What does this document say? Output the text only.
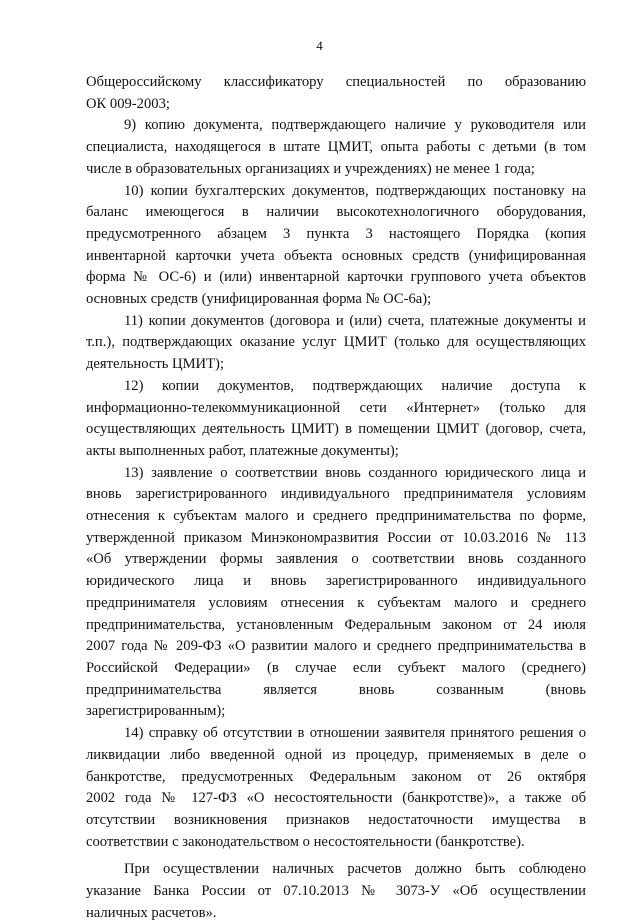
4

Общероссийскому классификатору специальностей по образованию
ОК 009-2003;

9) копию документа, подтверждающего наличие у руководителя или
специалиста, находящегося в штате ЦМИТ, опыта работы с детьми (в том
числе в образовательных организациях и учреждениях) не менее 1 года;

10) копии бухгалтерских документов, подтверждающих постановку на
баланс имеющегося в наличии высокотехнологичного оборудования,
предусмотренного абзацем 3 пункта 3 настоящего Порядка (копия
инвентарной карточки учета объекта основных средств (унифицированная
форма № ОС-6) и (или) инвентарной карточки группового учета объектов
основных средств (унифицированная форма № ОС-6а);

11) копии документов (договора и (или) счета, платежные документы и
т.п.), подтверждающих оказание услуг ЦМИТ (только для осуществляющих
деятельность ЦМИТ);

12) копии документов, подтверждающих наличие доступа к
информационно-телекоммуникационной сети «Интернет» (только для
осуществляющих деятельность ЦМИТ) в помещении ЦМИТ (договор, счета,
акты выполненных работ, платежные документы);

13) заявление о соответствии вновь созданного юридического лица и
вновь зарегистрированного индивидуального предпринимателя условиям
отнесения к субъектам малого и среднего предпринимательства по форме,
утвержденной приказом Минэкономразвития России от 10.03.2016 № 113
«Об утверждении формы заявления о соответствии вновь созданного
юридического лица и вновь зарегистрированного индивидуального
предпринимателя условиям отнесения к субъектам малого и среднего
предпринимательства, установленным Федеральным законом от 24 июля
2007 года № 209-ФЗ «О развитии малого и среднего предпринимательства в
Российской Федерации» (в случае если субъект малого (среднего)
предпринимательства является вновь созванным (вновь
зарегистрированным);

14) справку об отсутствии в отношении заявителя принятого решения о
ликвидации либо введенной одной из процедур, применяемых в деле о
банкротстве, предусмотренных Федеральным законом от 26 октября
2002 года № 127-ФЗ «О несостоятельности (банкротстве)», а также об
отсутствии возникновения признаков недостаточности имущества в
соответствии с законодательством о несостоятельности (банкротстве).

При осуществлении наличных расчетов должно быть соблюдено
указание Банка России от 07.10.2013 № 3073-У «Об осуществлении
наличных расчетов».
